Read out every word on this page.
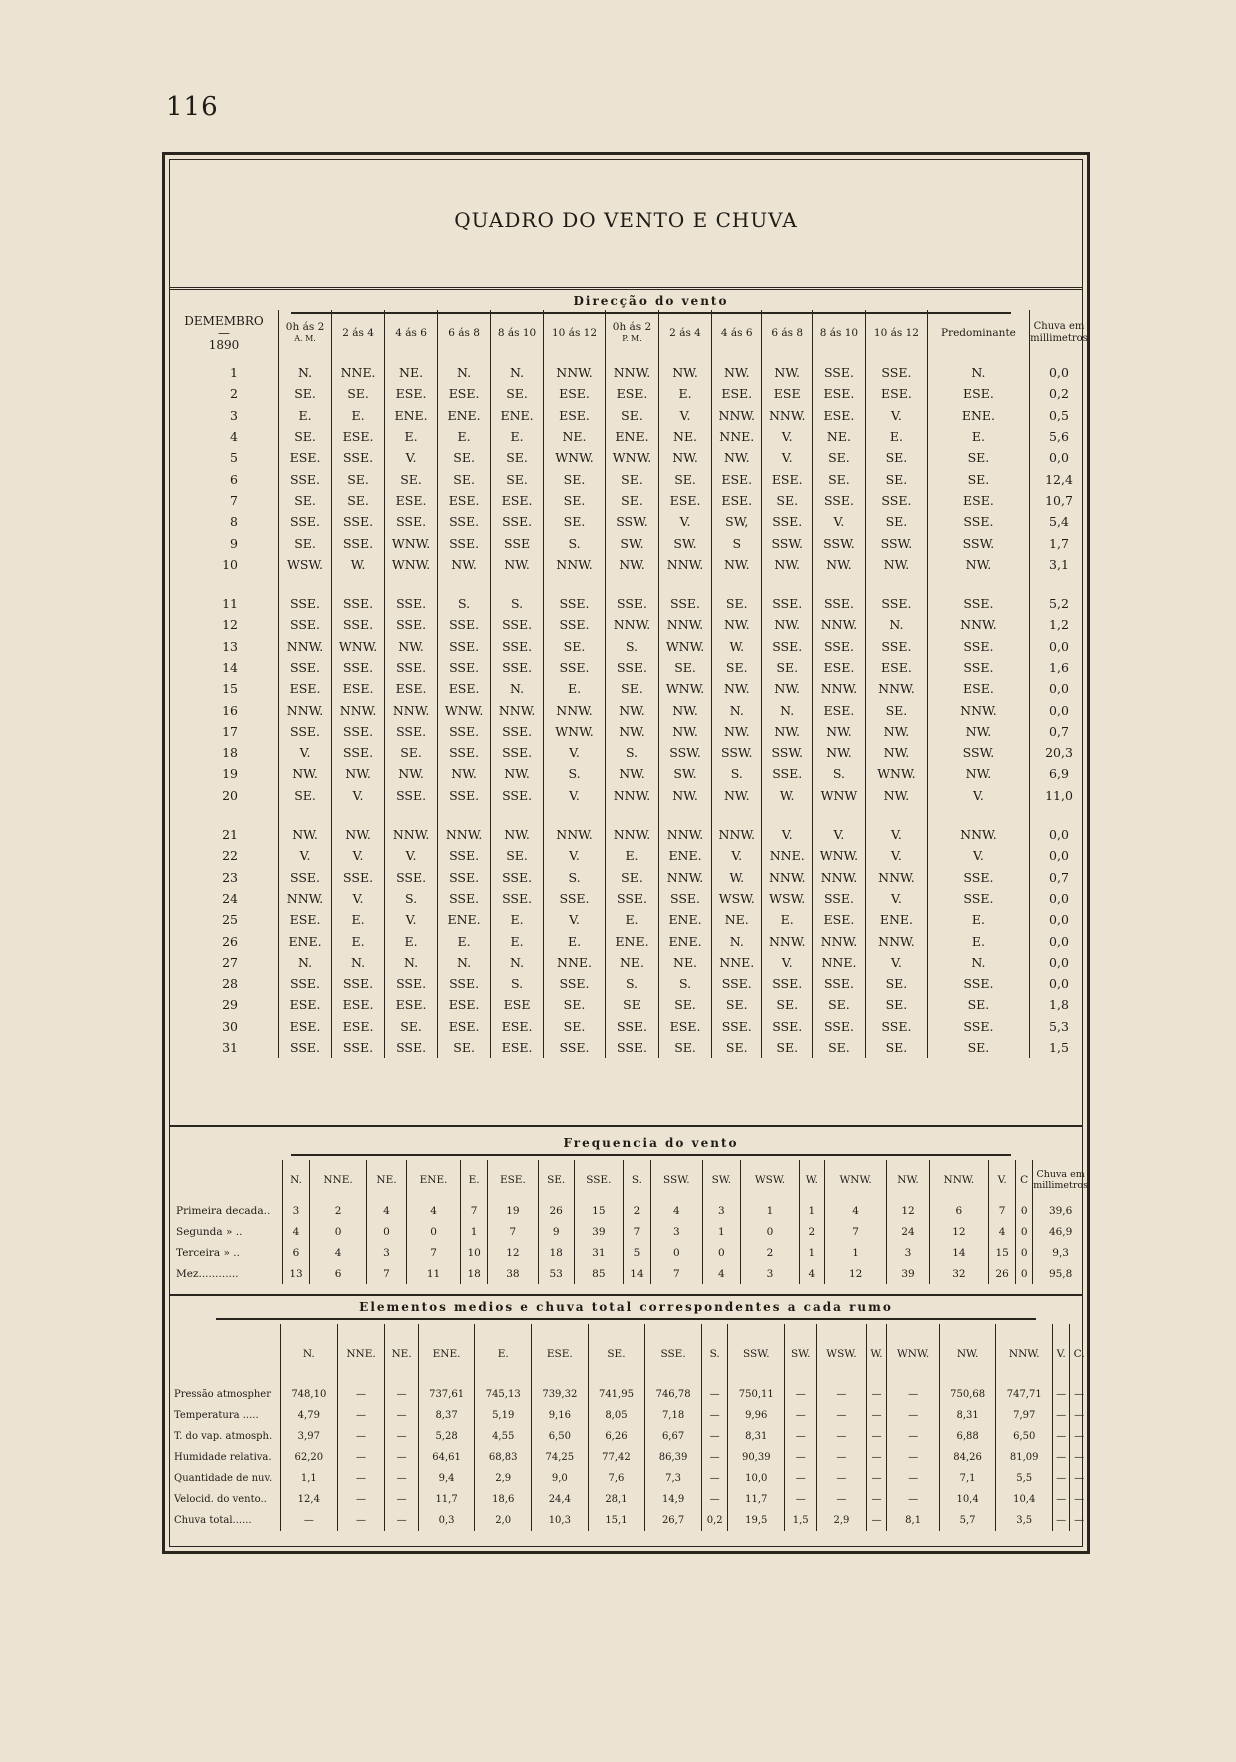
116
QUADRO DO VENTO E CHUVA
Direcção do vento
DEMEMBRO
—
1890	0h ás 2
A. M.	2 ás 4	4 ás 6	6 ás 8	8 ás 10	10 ás 12	0h ás 2
P. M.	2 ás 4	4 ás 6	6 ás 8	8 ás 10	10 ás 12	Predominante	Chuva em millimetros
1	N.	NNE.	NE.	N.	N.	NNW.	NNW.	NW.	NW.	NW.	SSE.	SSE.	N.	0,0
2	SE.	SE.	ESE.	ESE.	SE.	ESE.	ESE.	E.	ESE.	ESE	ESE.	ESE.	ESE.	0,2
3	E.	E.	ENE.	ENE.	ENE.	ESE.	SE.	V.	NNW.	NNW.	ESE.	V.	ENE.	0,5
4	SE.	ESE.	E.	E.	E.	NE.	ENE.	NE.	NNE.	V.	NE.	E.	E.	5,6
5	ESE.	SSE.	V.	SE.	SE.	WNW.	WNW.	NW.	NW.	V.	SE.	SE.	SE.	0,0
6	SSE.	SE.	SE.	SE.	SE.	SE.	SE.	SE.	ESE.	ESE.	SE.	SE.	SE.	12,4
7	SE.	SE.	ESE.	ESE.	ESE.	SE.	SE.	ESE.	ESE.	SE.	SSE.	SSE.	ESE.	10,7
8	SSE.	SSE.	SSE.	SSE.	SSE.	SE.	SSW.	V.	SW,	SSE.	V.	SE.	SSE.	5,4
9	SE.	SSE.	WNW.	SSE.	SSE	S.	SW.	SW.	S	SSW.	SSW.	SSW.	SSW.	1,7
10	WSW.	W.	WNW.	NW.	NW.	NNW.	NW.	NNW.	NW.	NW.	NW.	NW.	NW.	3,1

11	SSE.	SSE.	SSE.	S.	S.	SSE.	SSE.	SSE.	SE.	SSE.	SSE.	SSE.	SSE.	5,2
12	SSE.	SSE.	SSE.	SSE.	SSE.	SSE.	NNW.	NNW.	NW.	NW.	NNW.	N.	NNW.	1,2
13	NNW.	WNW.	NW.	SSE.	SSE.	SE.	S.	WNW.	W.	SSE.	SSE.	SSE.	SSE.	0,0
14	SSE.	SSE.	SSE.	SSE.	SSE.	SSE.	SSE.	SE.	SE.	SE.	ESE.	ESE.	SSE.	1,6
15	ESE.	ESE.	ESE.	ESE.	N.	E.	SE.	WNW.	NW.	NW.	NNW.	NNW.	ESE.	0,0
16	NNW.	NNW.	NNW.	WNW.	NNW.	NNW.	NW.	NW.	N.	N.	ESE.	SE.	NNW.	0,0
17	SSE.	SSE.	SSE.	SSE.	SSE.	WNW.	NW.	NW.	NW.	NW.	NW.	NW.	NW.	0,7
18	V.	SSE.	SE.	SSE.	SSE.	V.	S.	SSW.	SSW.	SSW.	NW.	NW.	SSW.	20,3
19	NW.	NW.	NW.	NW.	NW.	S.	NW.	SW.	S.	SSE.	S.	WNW.	NW.	6,9
20	SE.	V.	SSE.	SSE.	SSE.	V.	NNW.	NW.	NW.	W.	WNW	NW.	V.	11,0

21	NW.	NW.	NNW.	NNW.	NW.	NNW.	NNW.	NNW.	NNW.	V.	V.	V.	NNW.	0,0
22	V.	V.	V.	SSE.	SE.	V.	E.	ENE.	V.	NNE.	WNW.	V.	V.	0,0
23	SSE.	SSE.	SSE.	SSE.	SSE.	S.	SE.	NNW.	W.	NNW.	NNW.	NNW.	SSE.	0,7
24	NNW.	V.	S.	SSE.	SSE.	SSE.	SSE.	SSE.	WSW.	WSW.	SSE.	V.	SSE.	0,0
25	ESE.	E.	V.	ENE.	E.	V.	E.	ENE.	NE.	E.	ESE.	ENE.	E.	0,0
26	ENE.	E.	E.	E.	E.	E.	ENE.	ENE.	N.	NNW.	NNW.	NNW.	E.	0,0
27	N.	N.	N.	N.	N.	NNE.	NE.	NE.	NNE.	V.	NNE.	V.	N.	0,0
28	SSE.	SSE.	SSE.	SSE.	S.	SSE.	S.	S.	SSE.	SSE.	SSE.	SE.	SSE.	0,0
29	ESE.	ESE.	ESE.	ESE.	ESE	SE.	SE	SE.	SE.	SE.	SE.	SE.	SE.	1,8
30	ESE.	ESE.	SE.	ESE.	ESE.	SE.	SSE.	ESE.	SSE.	SSE.	SSE.	SSE.	SSE.	5,3
31	SSE.	SSE.	SSE.	SE.	ESE.	SSE.	SSE.	SE.	SE.	SE.	SE.	SE.	SE.	1,5
Frequencia do vento
	N.	NNE.	NE.	ENE.	E.	ESE.	SE.	SSE.	S.	SSW.	SW.	WSW.	W.	WNW.	NW.	NNW.	V.	C	Chuva em millimetros
Primeira decada..	3	2	4	4	7	19	26	15	2	4	3	1	1	4	12	6	7	0	39,6
Segunda » ..	4	0	0	0	1	7	9	39	7	3	1	0	2	7	24	12	4	0	46,9
Terceira » ..	6	4	3	7	10	12	18	31	5	0	0	2	1	1	3	14	15	0	9,3
Mez............	13	6	7	11	18	38	53	85	14	7	4	3	4	12	39	32	26	0	95,8
Elementos medios e chuva total correspondentes a cada rumo
	N.	NNE.	NE.	ENE.	E.	ESE.	SE.	SSE.	S.	SSW.	SW.	WSW.	W.	WNW.	NW.	NNW.	V.	C.
Pressão atmospher	748,10	—	—	737,61	745,13	739,32	741,95	746,78	—	750,11	—	—	—	—	750,68	747,71	—	—
Temperatura .....	4,79	—	—	8,37	5,19	9,16	8,05	7,18	—	9,96	—	—	—	—	8,31	7,97	—	—
T. do vap. atmosph.	3,97	—	—	5,28	4,55	6,50	6,26	6,67	—	8,31	—	—	—	—	6,88	6,50	—	—
Humidade relativa.	62,20	—	—	64,61	68,83	74,25	77,42	86,39	—	90,39	—	—	—	—	84,26	81,09	—	—
Quantidade de nuv.	1,1	—	—	9,4	2,9	9,0	7,6	7,3	—	10,0	—	—	—	—	7,1	5,5	—	—
Velocid. do vento..	12,4	—	—	11,7	18,6	24,4	28,1	14,9	—	11,7	—	—	—	—	10,4	10,4	—	—
Chuva total......	—	—	—	0,3	2,0	10,3	15,1	26,7	0,2	19,5	1,5	2,9	—	8,1	5,7	3,5	—	—
